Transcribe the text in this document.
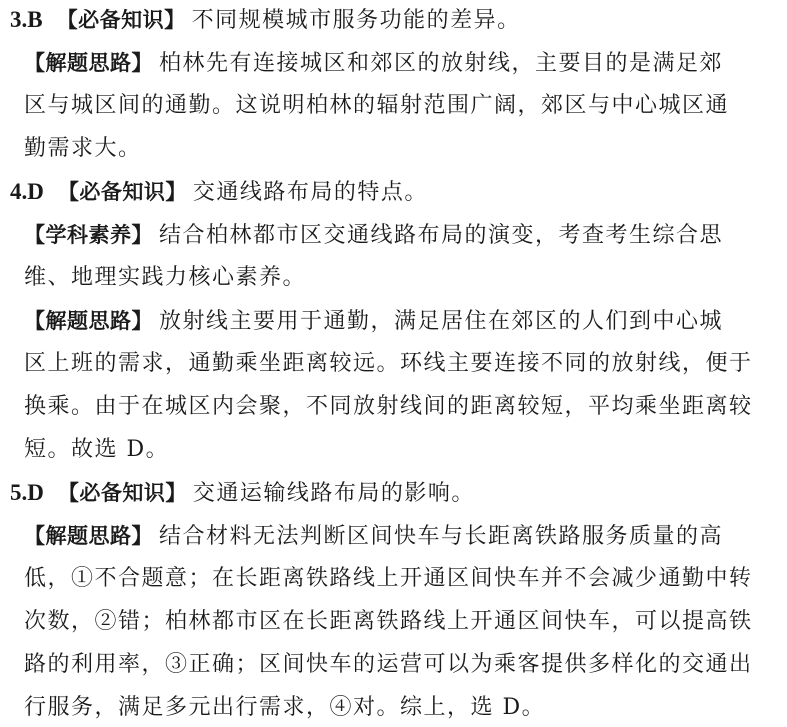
3.B 【必备知识】 不同规模城市服务功能的差异。
【解题思路】 柏林先有连接城区和郊区的放射线，主要目的是满足郊
区与城区间的通勤。这说明柏林的辐射范围广阔，郊区与中心城区通
勤需求大。
4.D 【必备知识】 交通线路布局的特点。
【学科素养】 结合柏林都市区交通线路布局的演变，考查考生综合思
维、地理实践力核心素养。
【解题思路】 放射线主要用于通勤，满足居住在郊区的人们到中心城
区上班的需求，通勤乘坐距离较远。环线主要连接不同的放射线，便于
换乘。由于在城区内会聚，不同放射线间的距离较短，平均乘坐距离较
短。故选 D。
5.D 【必备知识】 交通运输线路布局的影响。
【解题思路】 结合材料无法判断区间快车与长距离铁路服务质量的高
低，①不合题意；在长距离铁路线上开通区间快车并不会减少通勤中转
次数，②错；柏林都市区在长距离铁路线上开通区间快车，可以提高铁
路的利用率，③正确；区间快车的运营可以为乘客提供多样化的交通出
行服务，满足多元出行需求，④对。综上，选 D。
